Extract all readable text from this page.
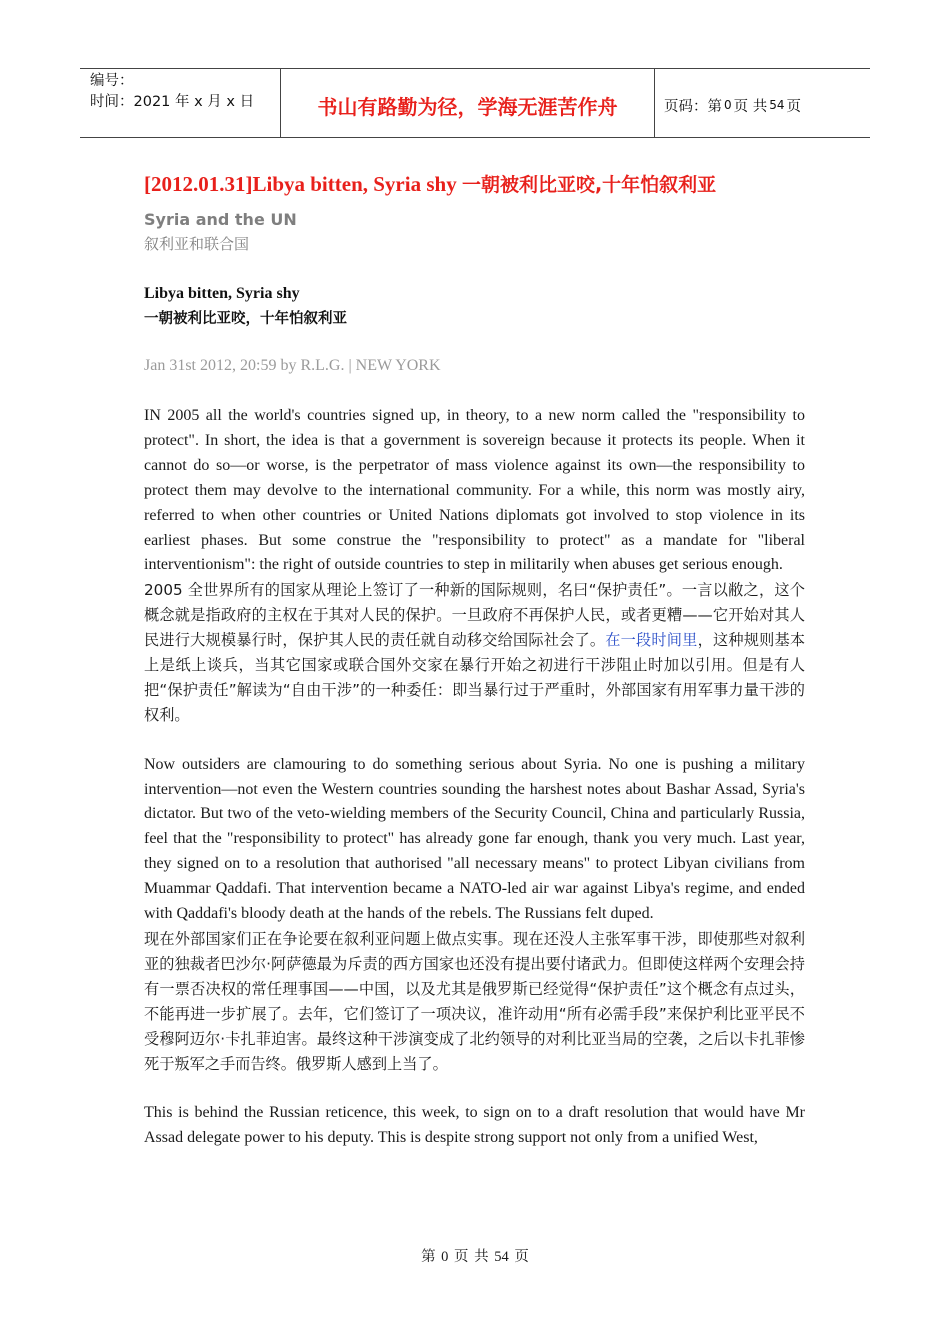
编号：
时间：2021 年 x 月 x 日	书山有路勤为径，学海无涯苦作舟	页码：第 0 页 共 54 页
[2012.01.31]Libya bitten, Syria shy 一朝被利比亚咬,十年怕叙利亚
Syria and the UN
叙利亚和联合国
Libya bitten, Syria shy
一朝被利比亚咬，十年怕叙利亚
Jan 31st 2012, 20:59 by R.L.G. | NEW YORK

IN 2005 all the world's countries signed up, in theory, to a new norm called the "responsibility to protect". In short, the idea is that a government is sovereign because it protects its people. When it cannot do so—or worse, is the perpetrator of mass violence against its own—the responsibility to protect them may devolve to the international community. For a while, this norm was mostly airy, referred to when other countries or United Nations diplomats got involved to stop violence in its earliest phases. But some construe the "responsibility to protect" as a mandate for "liberal interventionism": the right of outside countries to step in militarily when abuses get serious enough.

2005 全世界所有的国家从理论上签订了一种新的国际规则，名曰“保护责任”。一言以敝之，这个概念就是指政府的主权在于其对人民的保护。一旦政府不再保护人民，或者更糟——它开始对其人民进行大规模暴行时，保护其人民的责任就自动移交给国际社会了。在一段时间里，这种规则基本上是纸上谈兵，当其它国家或联合国外交家在暴行开始之初进行干涉阻止时加以引用。但是有人把“保护责任”解读为“自由干涉”的一种委任：即当暴行过于严重时，外部国家有用军事力量干涉的权利。

Now outsiders are clamouring to do something serious about Syria. No one is pushing a military intervention—not even the Western countries sounding the harshest notes about Bashar Assad, Syria's dictator. But two of the veto-wielding members of the Security Council, China and particularly Russia, feel that the "responsibility to protect" has already gone far enough, thank you very much. Last year, they signed on to a resolution that authorised "all necessary means" to protect Libyan civilians from Muammar Qaddafi. That intervention became a NATO-led air war against Libya's regime, and ended with Qaddafi's bloody death at the hands of the rebels. The Russians felt duped.

现在外部国家们正在争论要在叙利亚问题上做点实事。现在还没人主张军事干涉，即使那些对叙利亚的独裁者巴沙尔·阿萨德最为斥责的西方国家也还没有提出要付诸武力。但即使这样两个安理会持有一票否决权的常任理事国——中国，以及尤其是俄罗斯已经觉得“保护责任”这个概念有点过头，不能再进一步扩展了。去年，它们签订了一项决议，准许动用“所有必需手段”来保护利比亚平民不受穆阿迈尔·卡扎菲迫害。最终这种干涉演变成了北约领导的对利比亚当局的空袭，之后以卡扎菲惨死于叛军之手而告终。俄罗斯人感到上当了。

This is behind the Russian reticence, this week, to sign on to a draft resolution that would have Mr Assad delegate power to his deputy. This is despite strong support not only from a unified West,

第 0 页 共 54 页
